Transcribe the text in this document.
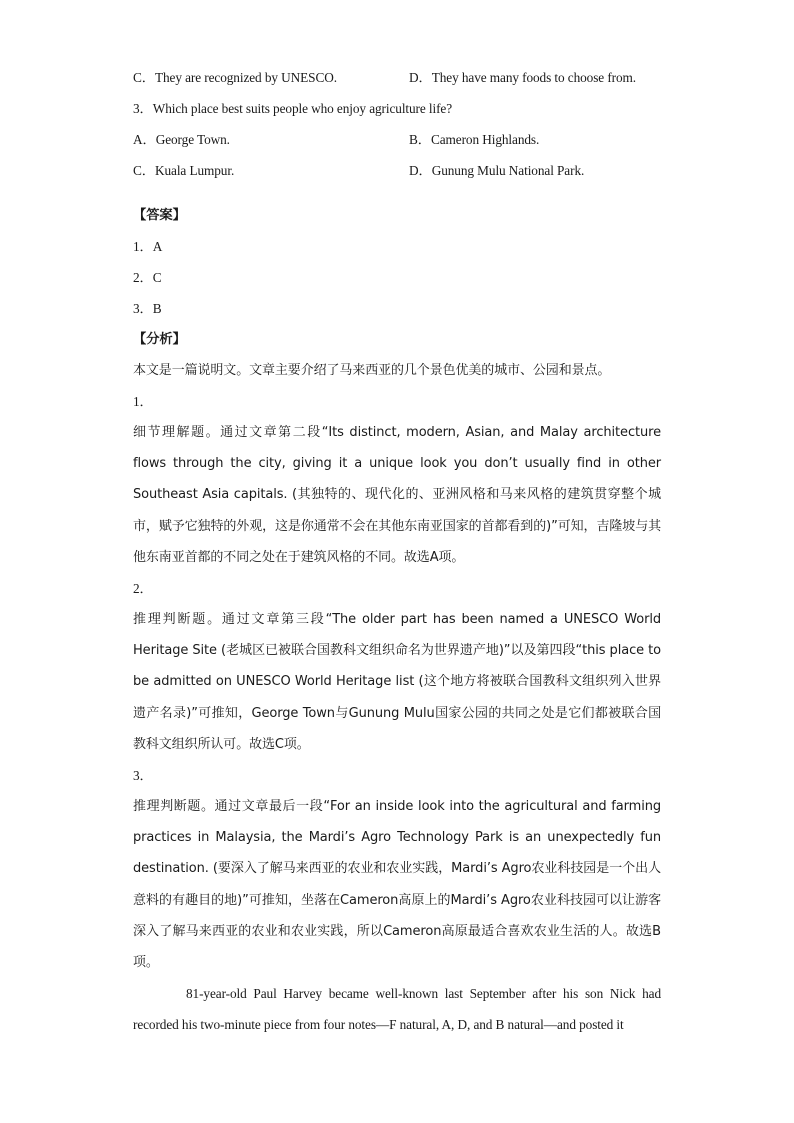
C．They are recognized by UNESCO.	D．They have many foods to choose from.
3．Which place best suits people who enjoy agriculture life?
A．George Town.	B．Cameron Highlands.
C．Kuala Lumpur.	D．Gunung Mulu National Park.
【答案】
1．A
2．C
3．B
【分析】
本文是一篇说明文。文章主要介绍了马来西亚的几个景色优美的城市、公园和景点。
1．

细节理解题。通过文章第二段“Its distinct, modern, Asian, and Malay architecture flows through the city, giving it a unique look you don’t usually find in other Southeast Asia capitals. (其独特的、现代化的、亚洲风格和马来风格的建筑贯穿整个城市，赋予它独特的外观，这是你通常不会在其他东南亚国家的首都看到的)”可知，吉隆坡与其他东南亚首都的不同之处在于建筑风格的不同。故选A项。

2．

推理判断题。通过文章第三段“The older part has been named a UNESCO World Heritage Site (老城区已被联合国教科文组织命名为世界遗产地)”以及第四段“this place to be admitted on UNESCO World Heritage list (这个地方将被联合国教科文组织列入世界遗产名录)”可推知，George Town与Gunung Mulu国家公园的共同之处是它们都被联合国教科文组织所认可。故选C项。

3．

推理判断题。通过文章最后一段“For an inside look into the agricultural and farming practices in Malaysia, the Mardi’s Agro Technology Park is an unexpectedly fun destination. (要深入了解马来西亚的农业和农业实践，Mardi’s Agro农业科技园是一个出人意料的有趣目的地)”可推知，坐落在Cameron高原上的Mardi’s Agro农业科技园可以让游客深入了解马来西亚的农业和农业实践，所以Cameron高原最适合喜欢农业生活的人。故选B项。

81-year-old Paul Harvey became well-known last September after his son Nick had recorded his two-minute piece from four notes—F natural, A, D, and B natural—and posted it
